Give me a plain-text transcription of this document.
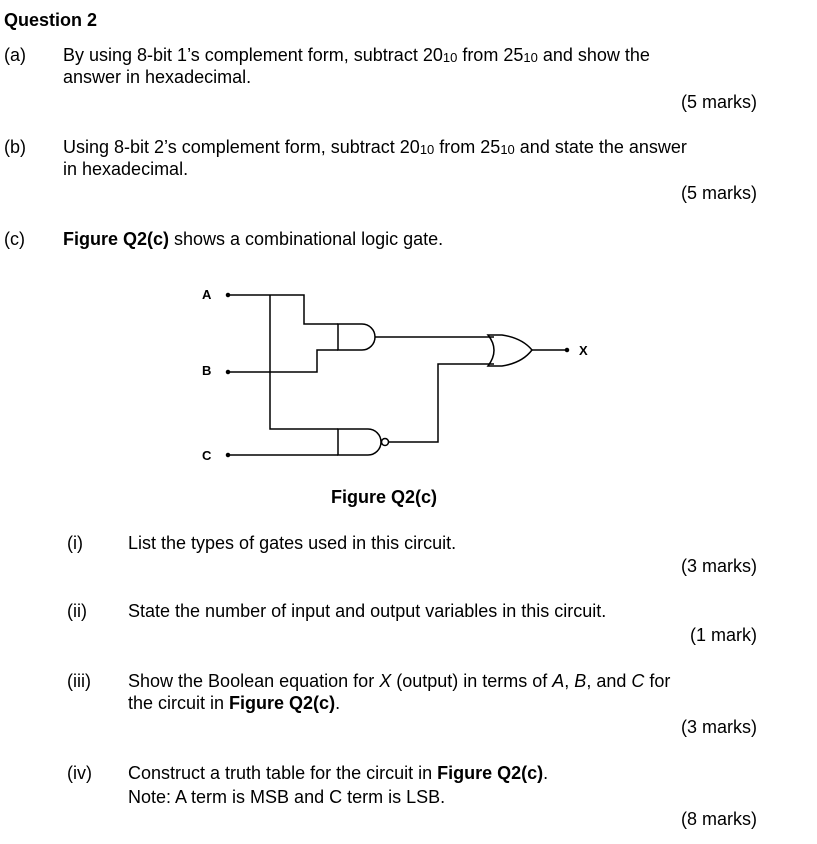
Question 2
(a) By using 8-bit 1’s complement form, subtract $20_{10}$ from $25_{10}$ and show the
answer in hexadecimal.
(5 marks)
(b) Using 8-bit 2’s complement form, subtract $20_{10}$ from $25_{10}$ and state the answer
in hexadecimal.
(5 marks)
(c) Figure Q2(c) shows a combinational logic gate.
A
B
C
X
Figure Q2(c)
(i)	List the types of gates used in this circuit.
(3 marks)
(ii) State the number of input and output variables in this circuit.
(1 mark)
(iii) Show the Boolean equation for X (output) in terms of A, B, and C for
the circuit in Figure Q2(c).
(3 marks)
(iv) Construct a truth table for the circuit in Figure Q2(c).
Note: A term is MSB and C term is LSB.
(8 marks)
